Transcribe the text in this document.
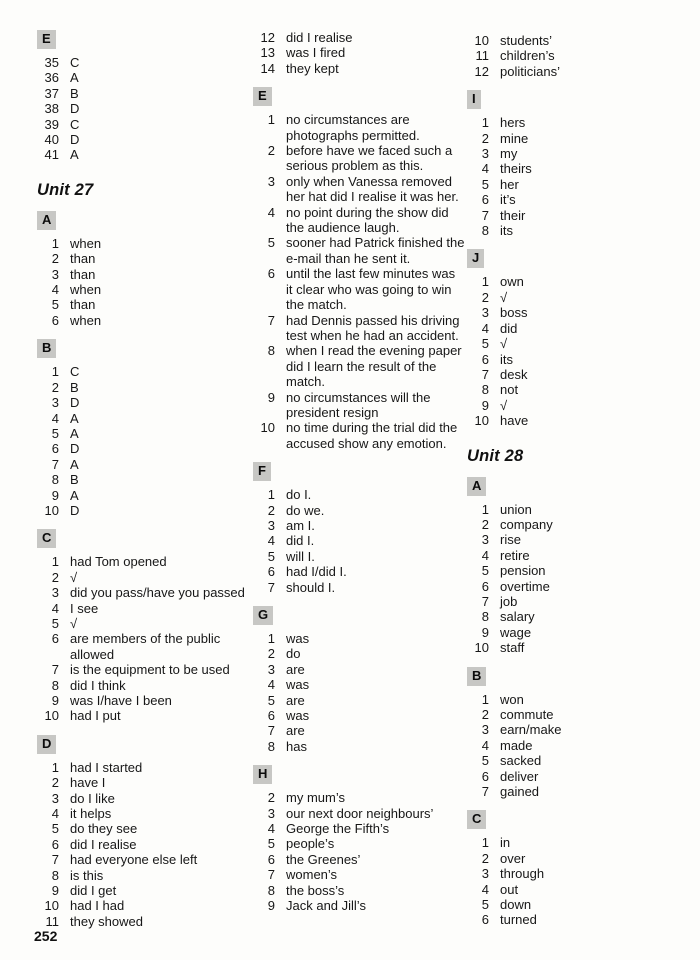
E
35 C
36 A
37 B
38 D
39 C
40 D
41 A
Unit 27
A
1 when
2 than
3 than
4 when
5 than
6 when
B
1 C
2 B
3 D
4 A
5 A
6 D
7 A
8 B
9 A
10 D
C
1 had Tom opened
2 √
3 did you pass/have you passed
4 I see
5 √
6 are members of the public allowed
7 is the equipment to be used
8 did I think
9 was I/have I been
10 had I put
D
1 had I started
2 have I
3 do I like
4 it helps
5 do they see
6 did I realise
7 had everyone else left
8 is this
9 did I get
10 had I had
11 they showed
12 did I realise
13 was I fired
14 they kept
E
1 no circumstances are photographs permitted.
2 before have we faced such a serious problem as this.
3 only when Vanessa removed her hat did I realise it was her.
4 no point during the show did the audience laugh.
5 sooner had Patrick finished the e-mail than he sent it.
6 until the last few minutes was it clear who was going to win the match.
7 had Dennis passed his driving test when he had an accident.
8 when I read the evening paper did I learn the result of the match.
9 no circumstances will the president resign
10 no time during the trial did the accused show any emotion.
F
1 do I.
2 do we.
3 am I.
4 did I.
5 will I.
6 had I/did I.
7 should I.
G
1 was
2 do
3 are
4 was
5 are
6 was
7 are
8 has
H
2 my mum’s
3 our next door neighbours’
4 George the Fifth’s
5 people’s
6 the Greenes’
7 women’s
8 the boss’s
9 Jack and Jill’s
10 students’
11 children’s
12 politicians’
I
1 hers
2 mine
3 my
4 theirs
5 her
6 it’s
7 their
8 its
J
1 own
2 √
3 boss
4 did
5 √
6 its
7 desk
8 not
9 √
10 have
Unit 28
A
1 union
2 company
3 rise
4 retire
5 pension
6 overtime
7 job
8 salary
9 wage
10 staff
B
1 won
2 commute
3 earn/make
4 made
5 sacked
6 deliver
7 gained
C
1 in
2 over
3 through
4 out
5 down
6 turned
252
